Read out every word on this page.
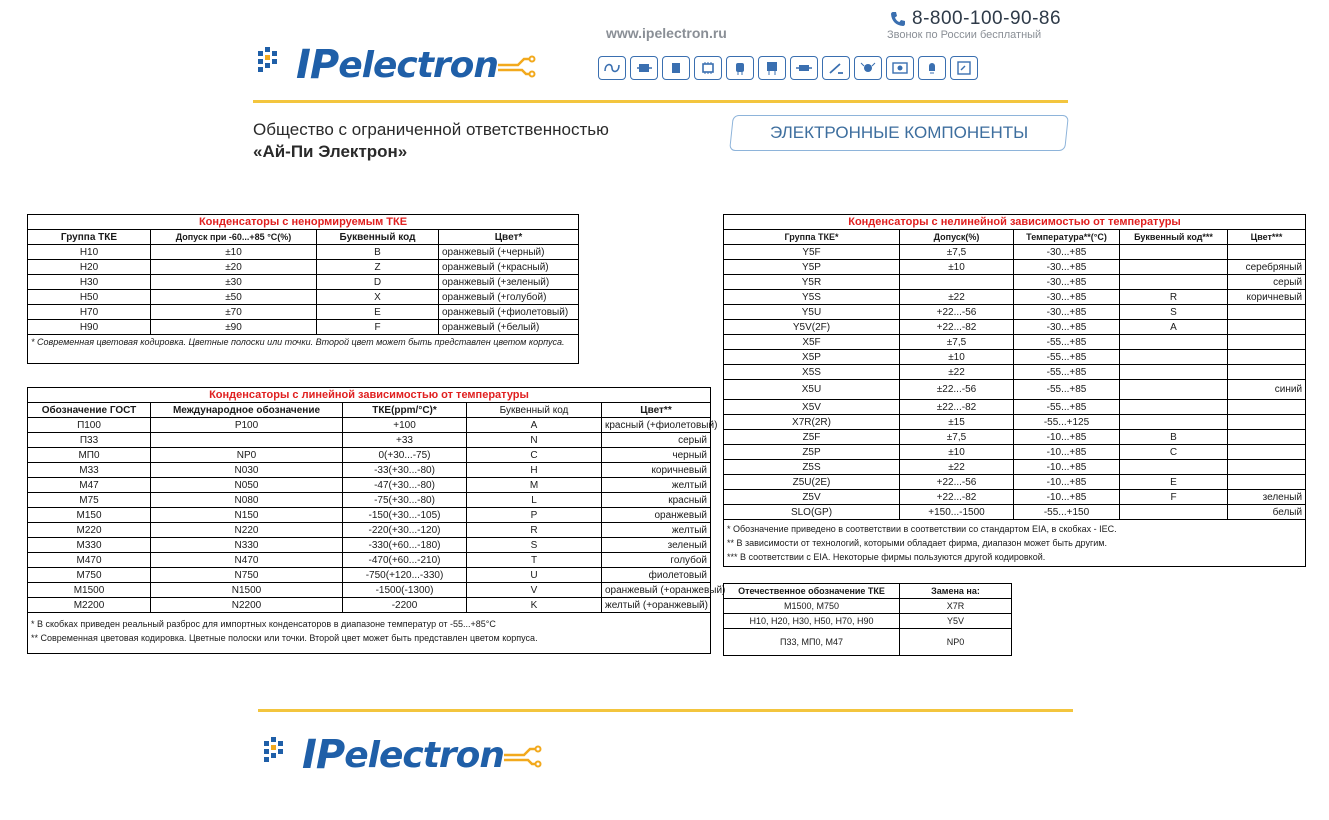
IP electron
www.ipelectron.ru
8-800-100-90-86
Звонок по России бесплатный
Общество с ограниченной ответственностью
«Ай-Пи Электрон»
ЭЛЕКТРОННЫЕ КОМПОНЕНТЫ
Конденсаторы с ненормируемым ТКЕ			
Группа ТКЕ	Допуск при -60...+85 °С(%)	Буквенный код	Цвет*
Н10	±10	B	оранжевый (+черный)
Н20	±20	Z	оранжевый (+красный)
Н30	±30	D	оранжевый (+зеленый)
Н50	±50	X	оранжевый (+голубой)
Н70	±70	E	оранжевый (+фиолетовый)
Н90	±90	F	оранжевый (+белый)
* Современная цветовая кодировка. Цветные полоски или точки. Второй цвет может быть представлен цветом корпуса.			
Конденсаторы с линейной зависимостью от температуры				
Обозначение ГОСТ	Международное обозначение	ТКЕ(ppm/°C)*	Буквенный код	Цвет**
П100	P100	+100	A	красный (+фиолетовый)
П33		+33	N	серый
МП0	NP0	0(+30...-75)	C	черный
М33	N030	-33(+30...-80)	H	коричневый
М47	N050	-47(+30...-80)	M	желтый
М75	N080	-75(+30...-80)	L	красный
М150	N150	-150(+30...-105)	P	оранжевый
М220	N220	-220(+30...-120)	R	желтый
М330	N330	-330(+60...-180)	S	зеленый
М470	N470	-470(+60...-210)	T	голубой
М750	N750	-750(+120...-330)	U	фиолетовый
М1500	N1500	-1500(-1300)	V	оранжевый (+оранжевый)
М2200	N2200	-2200	K	желтый (+оранжевый)

* В скобках приведен реальный разброс для импортных конденсаторов в диапазоне температур от -55...+85°С
** Современная цветовая кодировка. Цветные полоски или точки. Второй цвет может быть представлен цветом корпуса.				
Конденсаторы с нелинейной зависимостью от температуры				
Группа ТКЕ*	Допуск(%)	Температура**(°С)	Буквенный код***	Цвет***
Y5F	±7,5	-30...+85		
Y5P	±10	-30...+85		серебряный
Y5R		-30...+85		серый
Y5S	±22	-30...+85	R	коричневый
Y5U	+22...-56	-30...+85	S	
Y5V(2F)	+22...-82	-30...+85	A	
X5F	±7,5	-55...+85		
X5P	±10	-55...+85		
X5S	±22	-55...+85		
X5U	±22...-56	-55...+85		синий
X5V	±22...-82	-55...+85		
X7R(2R)	±15	-55...+125		
Z5F	±7,5	-10...+85	B	
Z5P	±10	-10...+85	C	
Z5S	±22	-10...+85		
Z5U(2E)	+22...-56	-10...+85	E	
Z5V	+22...-82	-10...+85	F	зеленый
SLO(GP)	+150...-1500	-55...+150		белый

* Обозначение приведено в соответствии в соответствии со стандартом EIA, в скобках - IEC.
** В зависимости от технологий, которыми обладает фирма, диапазон может быть другим.
*** В соответствии с EIA. Некоторые фирмы пользуются другой кодировкой.				
Отечественное обозначение ТКЕ	Замена на:
М1500, М750	X7R
Н10, Н20, Н30, Н50, Н70, Н90	Y5V
П33, МП0, М47	NP0
IP electron
